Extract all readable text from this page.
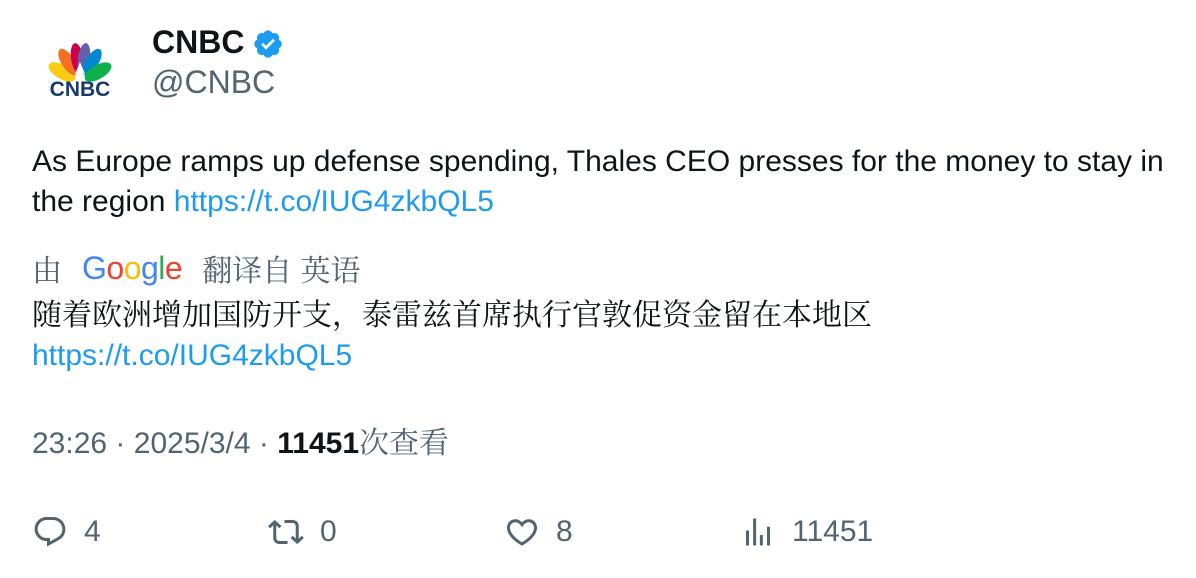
CNBC
CNBC
@CNBC
As Europe ramps up defense spending, Thales CEO presses for the money to stay in the region https://t.co/IUG4zkbQL5
由 Google 翻译自 英语
随着欧洲增加国防开支，泰雷兹首席执行官敦促资金留在本地区
https://t.co/IUG4zkbQL5
23:26 · 2025/3/4 · 11451次查看
4	0	8	11451
